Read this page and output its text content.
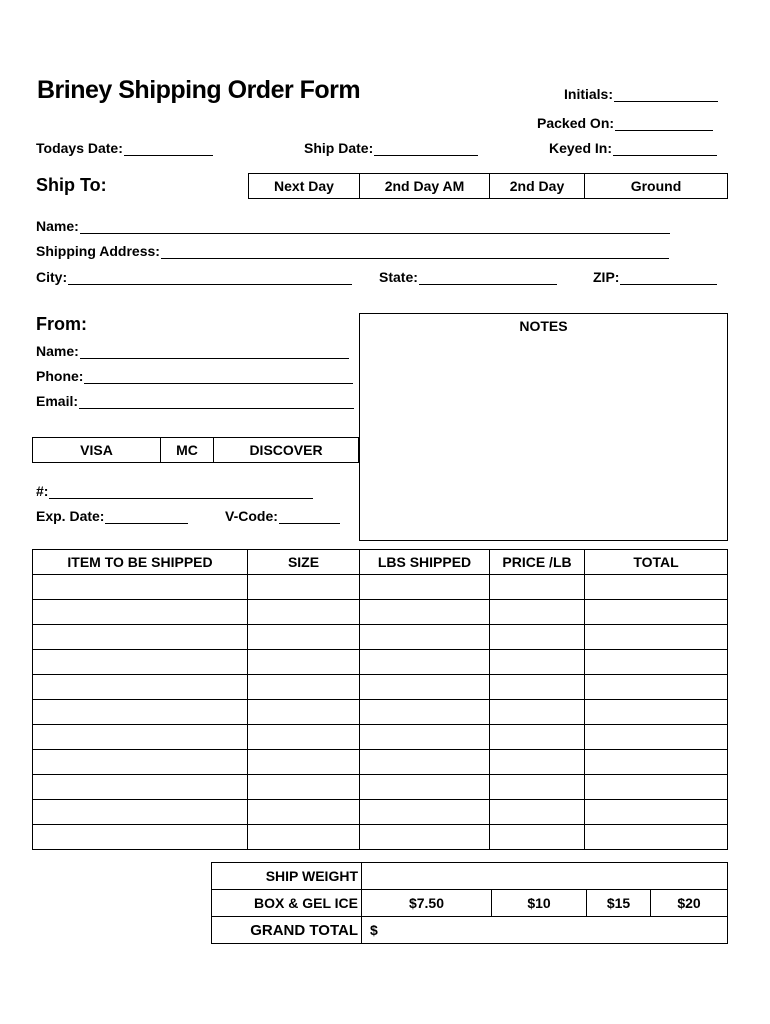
Briney Shipping Order Form	Initials:
Packed On:
Keyed In:
Todays Date:	Ship Date:
Ship To:	Next Day	2nd Day AM	2nd Day	Ground
Name:
Shipping Address:
City:	State:	ZIP:
From:
Name:
Phone:
Email:
NOTES
VISA	MC	DISCOVER
#:
Exp. Date:	V-Code:
ITEM TO BE SHIPPED	SIZE	LBS SHIPPED	PRICE /LB	TOTAL

SHIP WEIGHT				
BOX & GEL ICE	$7.50	$10	$15	$20
GRAND TOTAL	$			
